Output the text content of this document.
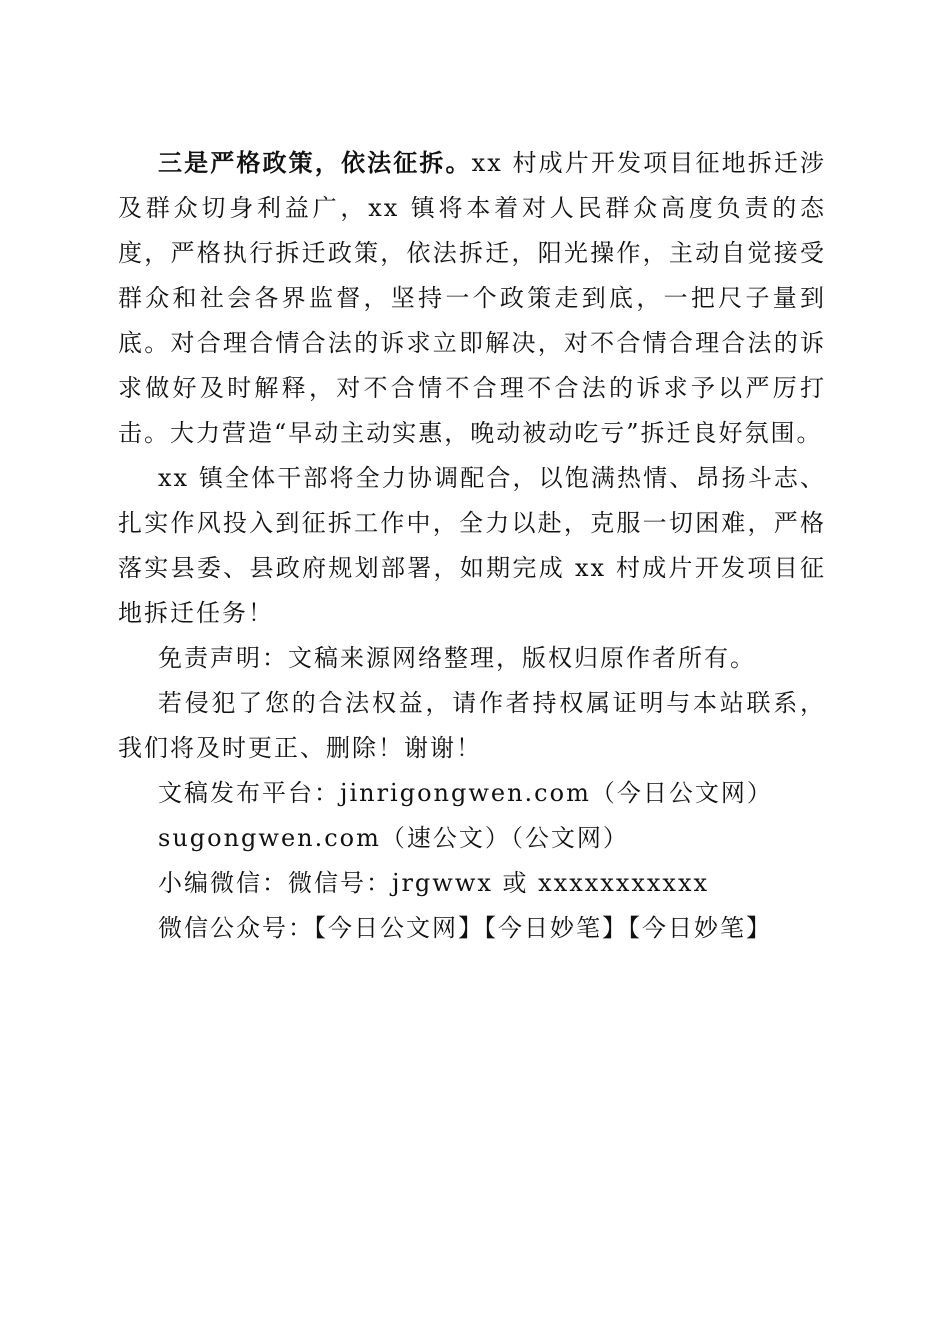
三是严格政策，依法征拆。xx 村成片开发项目征地拆迁涉及群众切身利益广，xx 镇将本着对人民群众高度负责的态度，严格执行拆迁政策，依法拆迁，阳光操作，主动自觉接受群众和社会各界监督，坚持一个政策走到底，一把尺子量到底。对合理合情合法的诉求立即解决，对不合情合理合法的诉求做好及时解释，对不合情不合理不合法的诉求予以严厉打击。大力营造“早动主动实惠，晚动被动吃亏”拆迁良好氛围。

xx 镇全体干部将全力协调配合，以饱满热情、昂扬斗志、扎实作风投入到征拆工作中，全力以赴，克服一切困难，严格落实县委、县政府规划部署，如期完成 xx 村成片开发项目征地拆迁任务！

免责声明：文稿来源网络整理，版权归原作者所有。

若侵犯了您的合法权益，请作者持权属证明与本站联系，我们将及时更正、删除！谢谢！

文稿发布平台：jinrigongwen.com（今日公文网）

sugongwen.com（速公文）（公文网）

小编微信：微信号：jrgwwx 或 xxxxxxxxxxx

微信公众号：【今日公文网】【今日妙笔】【今日妙笔】
